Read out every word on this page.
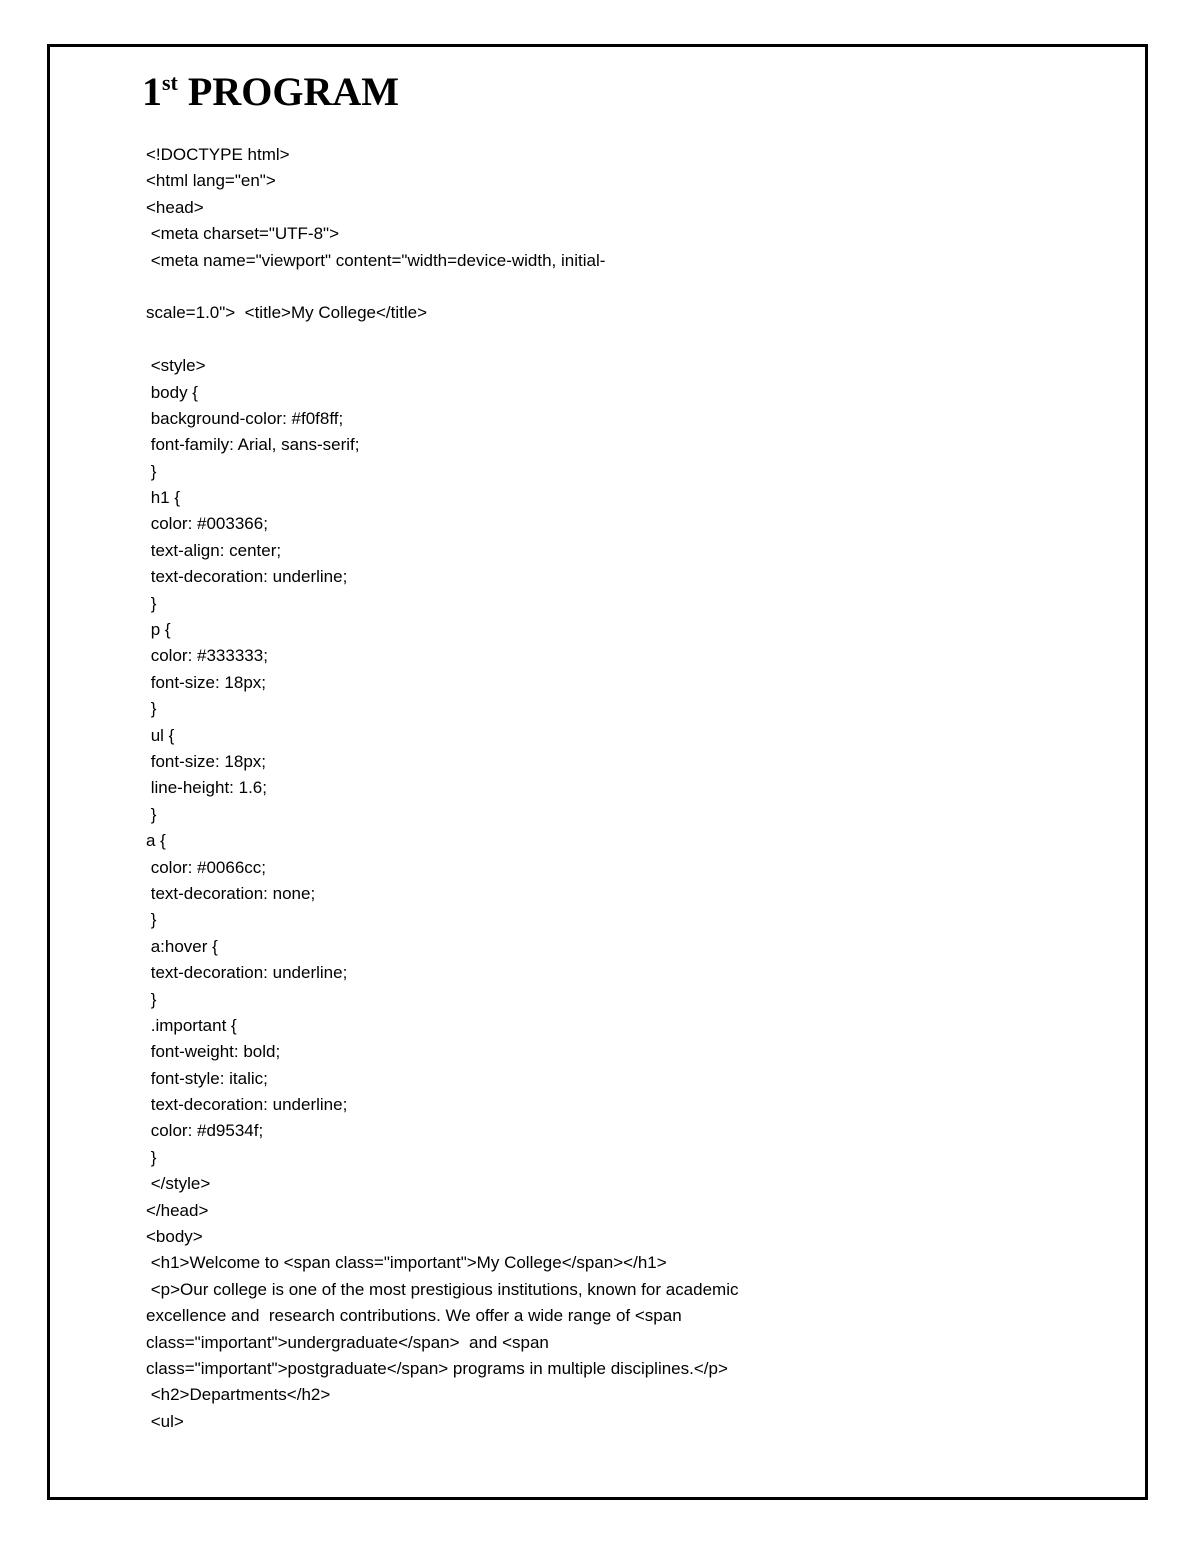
1st PROGRAM
<!DOCTYPE html>
<html lang="en">
<head>
<meta charset="UTF-8">
<meta name="viewport" content="width=device-width, initial-
scale=1.0">  <title>My College</title>
<style>
body {
background-color: #f0f8ff;
font-family: Arial, sans-serif;
}
h1 {
color: #003366;
text-align: center;
text-decoration: underline;
}
p {
color: #333333;
font-size: 18px;
}
ul {
font-size: 18px;
line-height: 1.6;
}
a {
color: #0066cc;
text-decoration: none;
}
a:hover {
text-decoration: underline;
}
.important {
font-weight: bold;
font-style: italic;
text-decoration: underline;
color: #d9534f;
}
</style>
</head>
<body>
<h1>Welcome to <span class="important">My College</span></h1>
<p>Our college is one of the most prestigious institutions, known for academic
excellence and  research contributions. We offer a wide range of <span
class="important">undergraduate</span>  and <span
class="important">postgraduate</span> programs in multiple disciplines.</p>
<h2>Departments</h2>
<ul>
